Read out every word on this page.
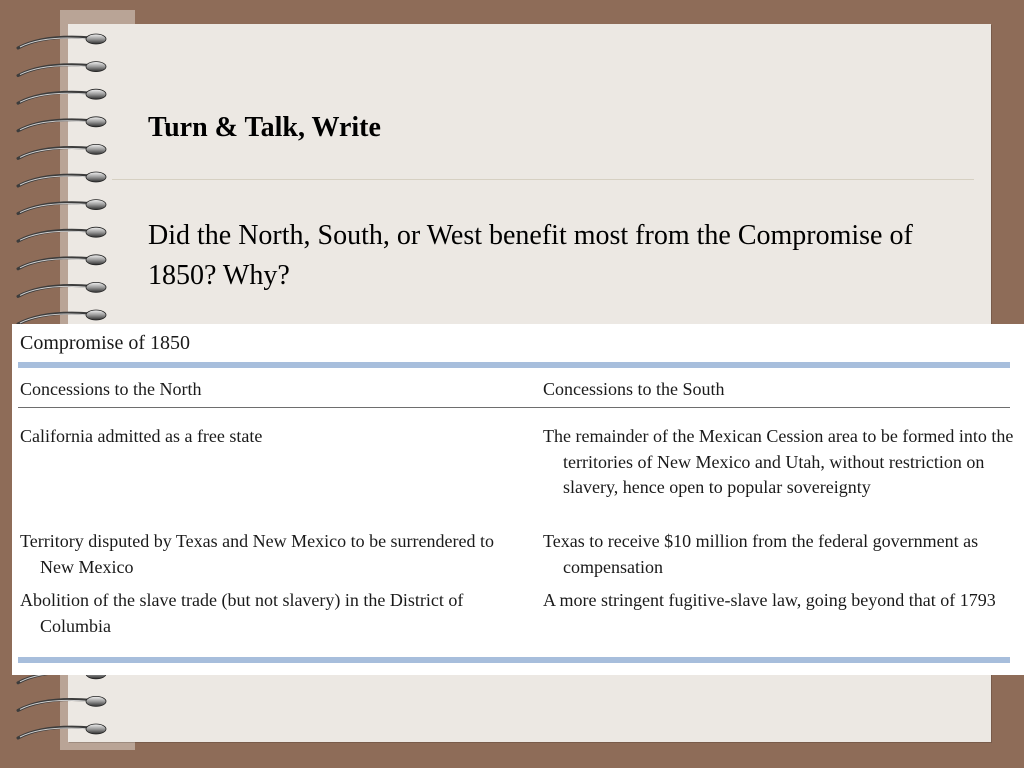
Turn & Talk, Write

Did the North, South, or West benefit most from the Compromise of 1850? Why?

Compromise of 1850
Concessions to the North	Concessions to the South
California admitted as a free state	The remainder of the Mexican Cession area to be formed into the territories of New Mexico and Utah, without restriction on slavery, hence open to popular sovereignty
Territory disputed by Texas and New Mexico to be surrendered to New Mexico
Texas to receive $10 million from the federal government as compensation
Abolition of the slave trade (but not slavery) in the District of Columbia
A more stringent fugitive-slave law, going beyond that of 1793
